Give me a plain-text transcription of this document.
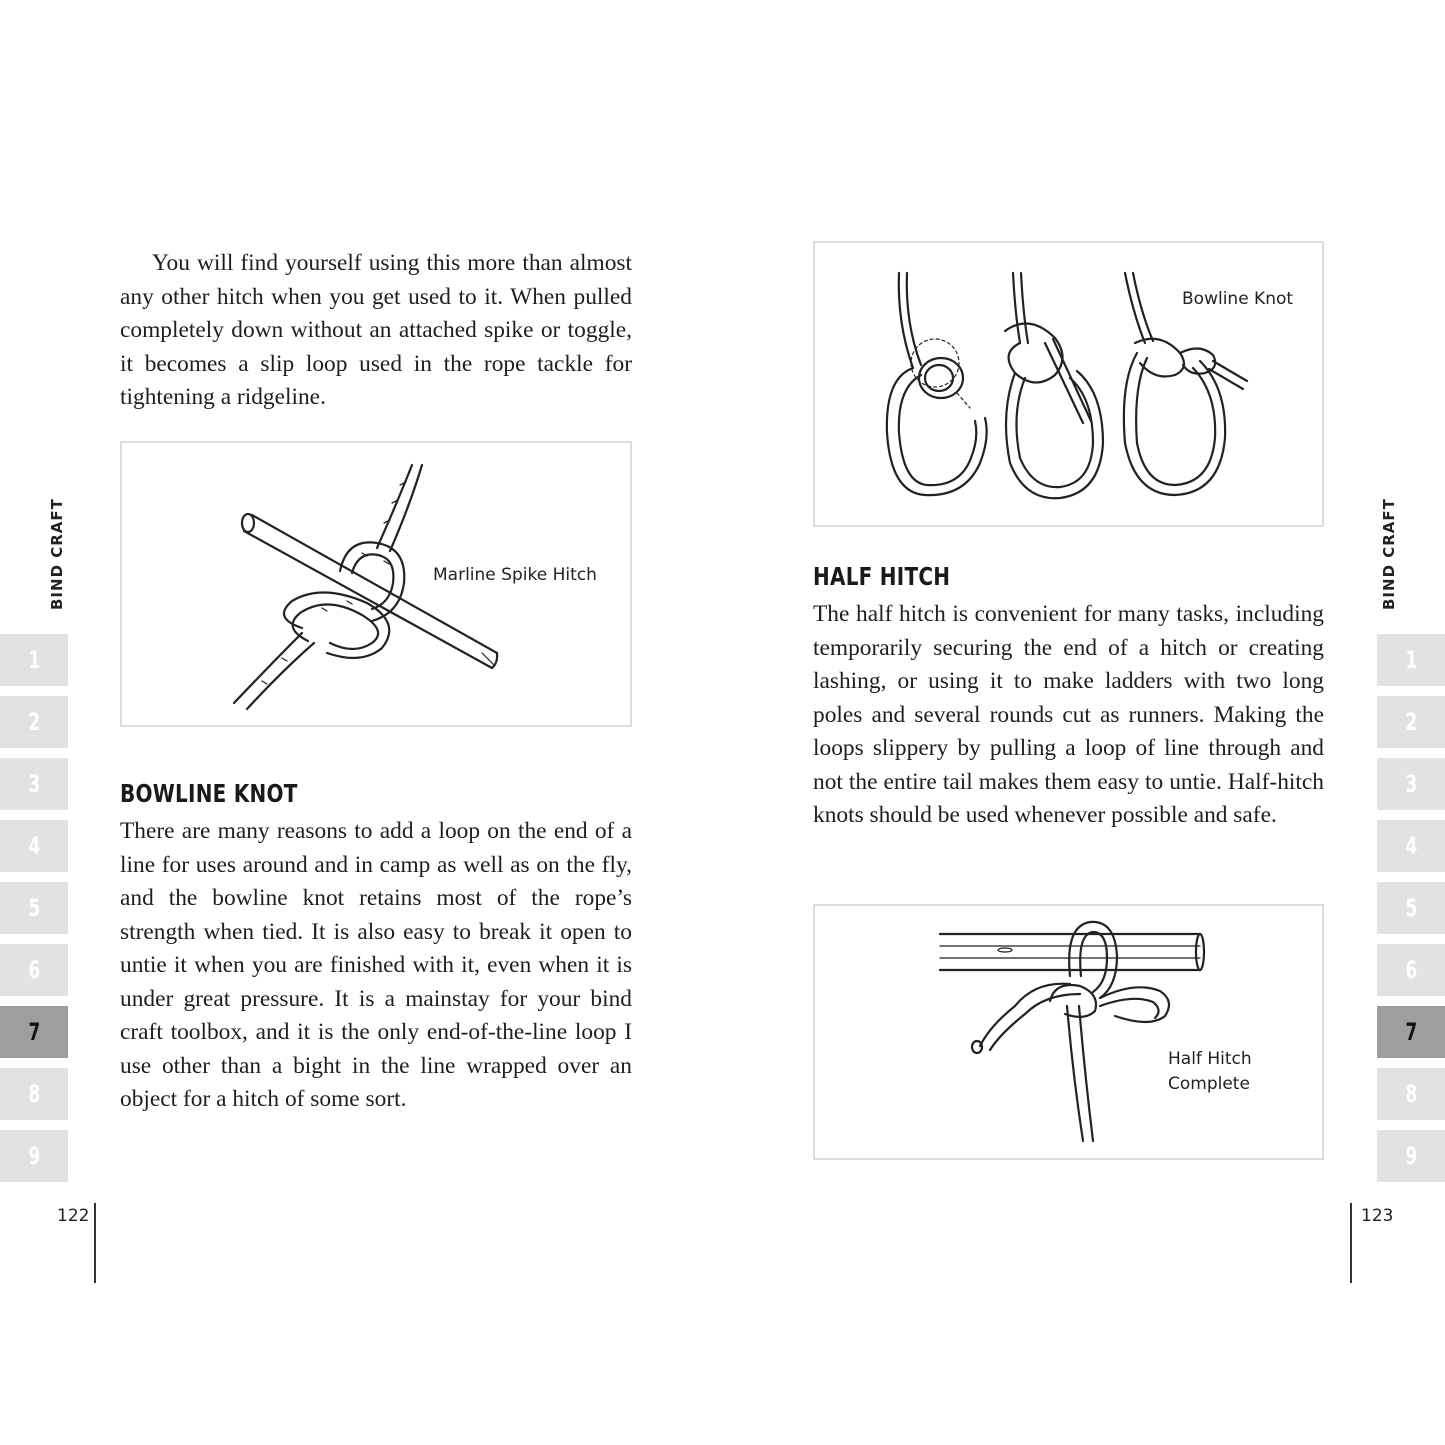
You will find yourself using this more than almost any other hitch when you get used to it. When pulled completely down without an attached spike or toggle, it becomes a slip loop used in the rope tackle for tightening a ridgeline.

Marline Spike Hitch
BOWLINE KNOT

There are many reasons to add a loop on the end of a line for uses around and in camp as well as on the fly, and the bowline knot retains most of the rope’s strength when tied. It is also easy to break it open to untie it when you are finished with it, even when it is under great pressure. It is a mainstay for your bind craft toolbox, and it is the only end-of-the-line loop I use other than a bight in the line wrapped over an object for a hitch of some sort.

Bowline Knot
HALF HITCH

The half hitch is convenient for many tasks, including temporarily securing the end of a hitch or creating lashing, or using it to make ladders with two long poles and several rounds cut as runners. Making the loops slippery by pulling a loop of line through and not the entire tail makes them easy to untie. Half-hitch knots should be used whenever possible and safe.

Half Hitch
Complete
BIND CRAFT
1
2
3
4
5
6
7
8
9
122
BIND CRAFT
1
2
3
4
5
6
7
8
9
123
